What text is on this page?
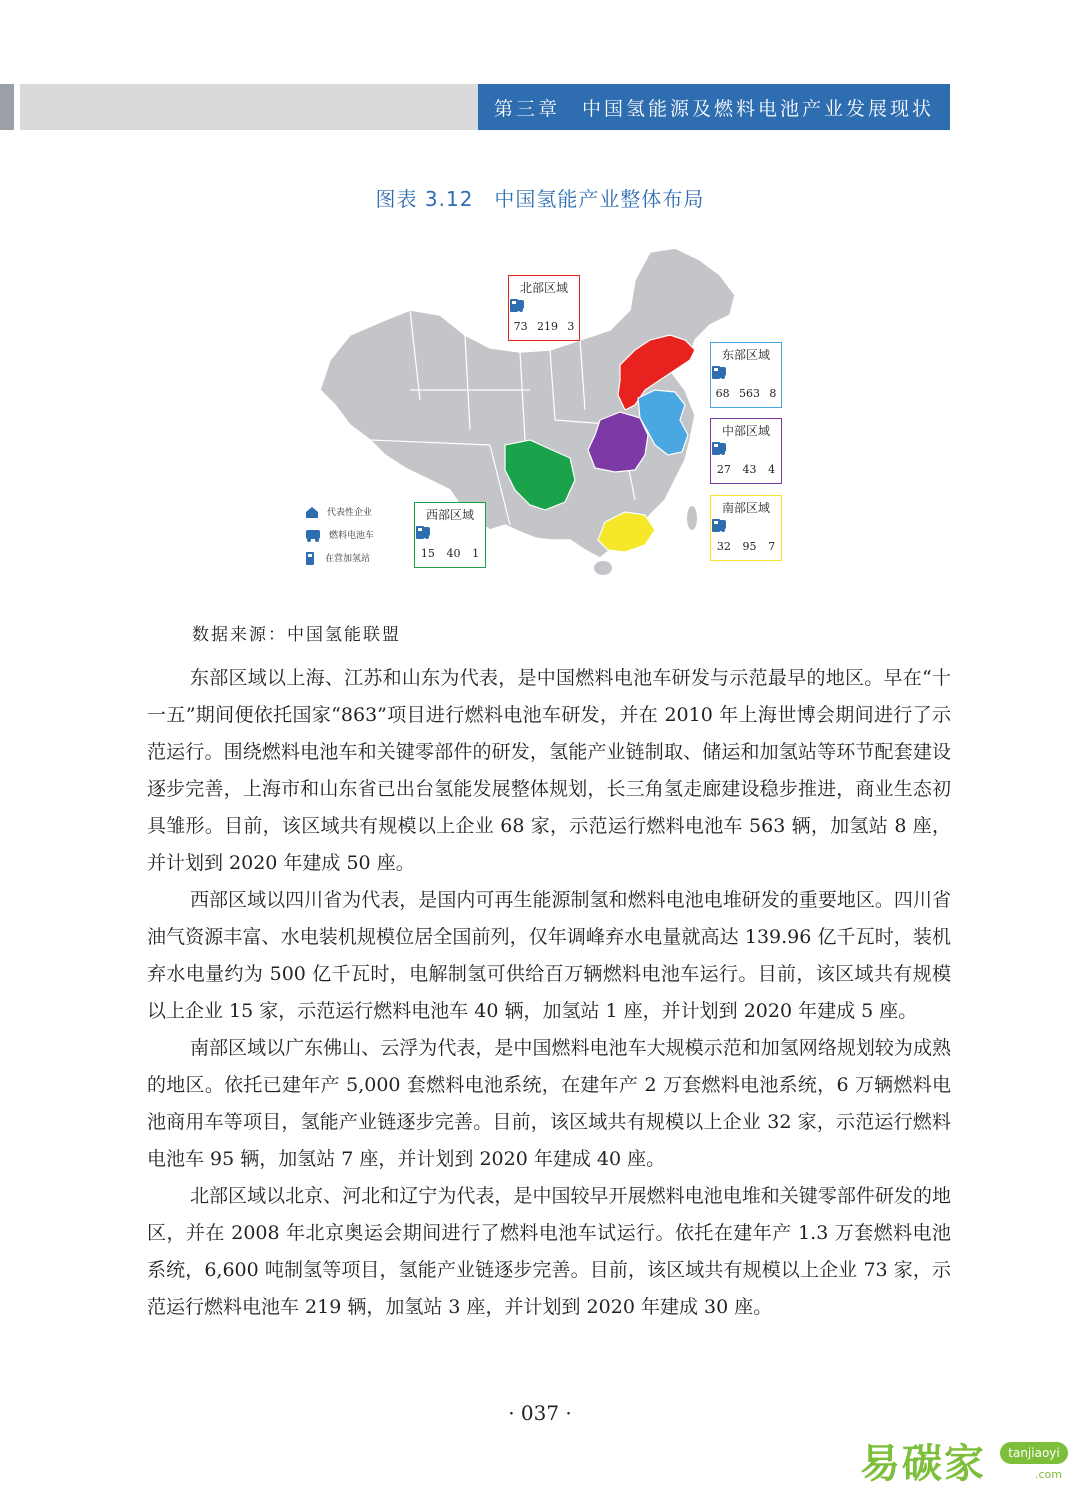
第三章　中国氢能源及燃料电池产业发展现状
图表 3.12　中国氢能产业整体布局
北部区域
73 219 3
东部区域
68 563 8
中部区域
27 43 4
南部区域
32 95 7
西部区域
15 40 1
代表性企业
燃料电池车
在营加氢站
数据来源：中国氢能联盟

东部区域以上海、江苏和山东为代表，是中国燃料电池车研发与示范最早的地区。早在“十一五”期间便依托国家“863”项目进行燃料电池车研发，并在 2010 年上海世博会期间进行了示范运行。围绕燃料电池车和关键零部件的研发，氢能产业链制取、储运和加氢站等环节配套建设逐步完善，上海市和山东省已出台氢能发展整体规划，长三角氢走廊建设稳步推进，商业生态初具雏形。目前，该区域共有规模以上企业 68 家，示范运行燃料电池车 563 辆，加氢站 8 座，并计划到 2020 年建成 50 座。

西部区域以四川省为代表，是国内可再生能源制氢和燃料电池电堆研发的重要地区。四川省油气资源丰富、水电装机规模位居全国前列，仅年调峰弃水电量就高达 139.96 亿千瓦时，装机弃水电量约为 500 亿千瓦时，电解制氢可供给百万辆燃料电池车运行。目前，该区域共有规模以上企业 15 家，示范运行燃料电池车 40 辆，加氢站 1 座，并计划到 2020 年建成 5 座。

南部区域以广东佛山、云浮为代表，是中国燃料电池车大规模示范和加氢网络规划较为成熟的地区。依托已建年产 5,000 套燃料电池系统，在建年产 2 万套燃料电池系统，6 万辆燃料电池商用车等项目，氢能产业链逐步完善。目前，该区域共有规模以上企业 32 家，示范运行燃料电池车 95 辆，加氢站 7 座，并计划到 2020 年建成 40 座。

北部区域以北京、河北和辽宁为代表，是中国较早开展燃料电池电堆和关键零部件研发的地区，并在 2008 年北京奥运会期间进行了燃料电池车试运行。依托在建年产 1.3 万套燃料电池系统，6,600 吨制氢等项目，氢能产业链逐步完善。目前，该区域共有规模以上企业 73 家，示范运行燃料电池车 219 辆，加氢站 3 座，并计划到 2020 年建成 30 座。

· 037 ·
易碳家	tanjiaoyi
.com
